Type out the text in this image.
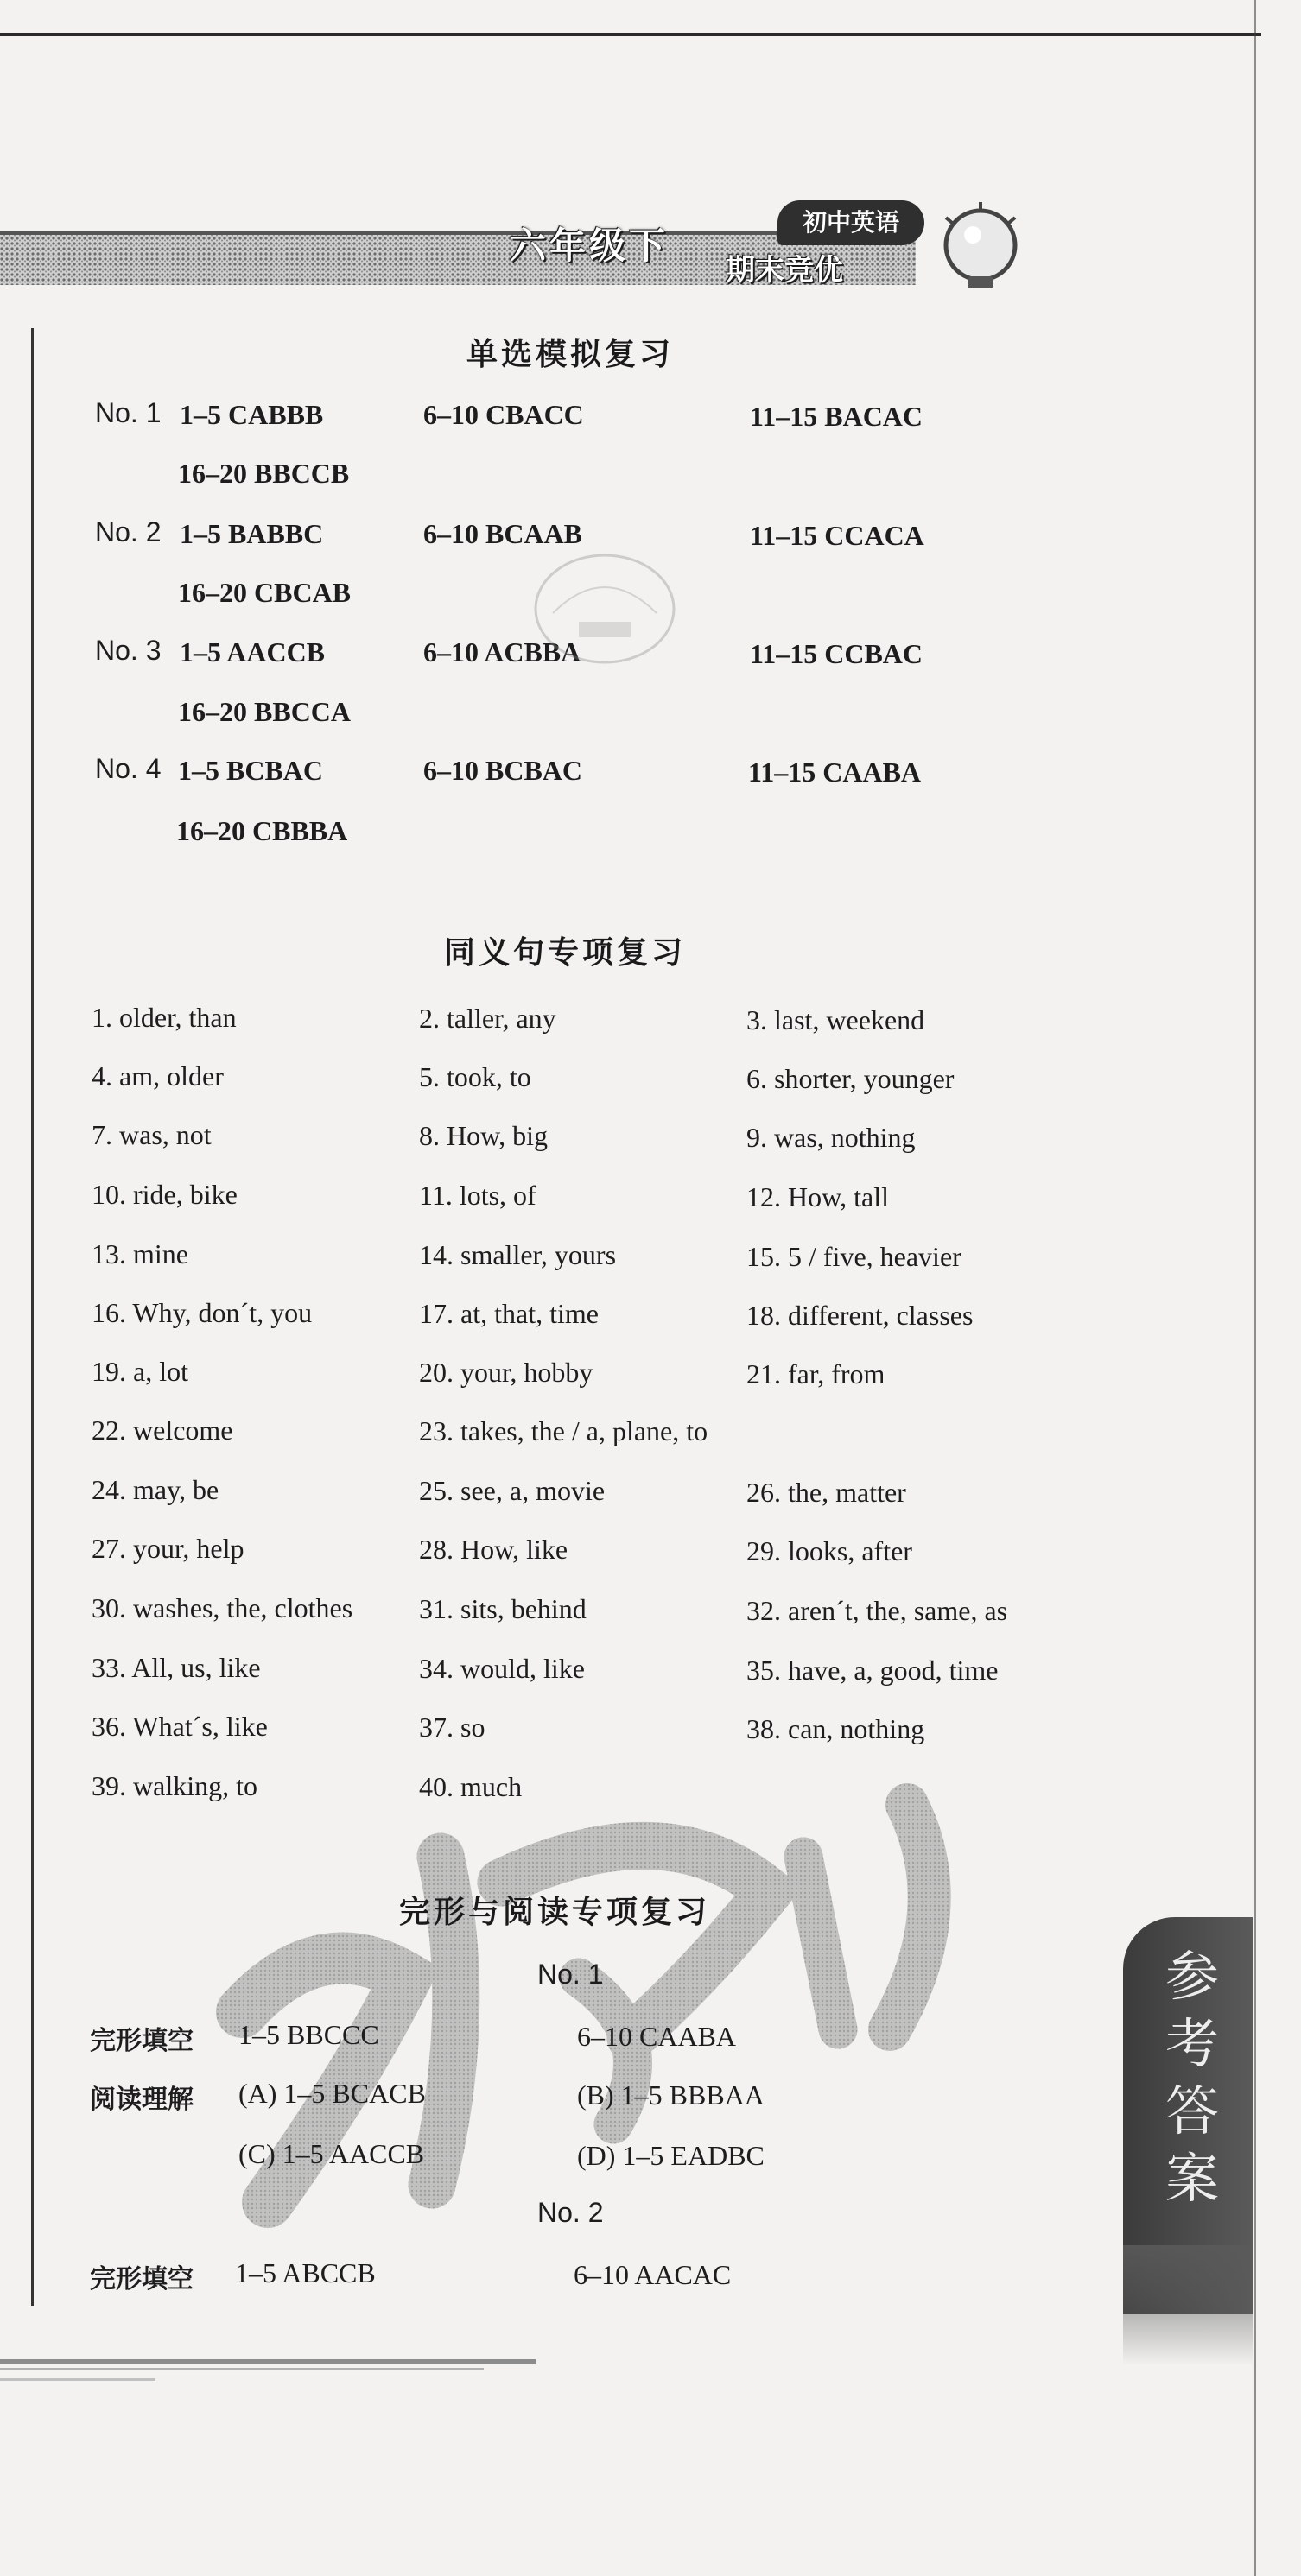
初中英语
六年级下
期末竞优
单选模拟复习
No. 1 1–5 CABBB	6–10 CBACC	11–15 BACAC
16–20 BBCCB
No. 2 1–5 BABBC	6–10 BCAAB	11–15 CCACA
16–20 CBCAB
No. 3 1–5 AACCB	6–10 ACBBA	11–15 CCBAC
16–20 BBCCA
No. 4 1–5 BCBAC	6–10 BCBAC	11–15 CAABA
16–20 CBBBA
同义句专项复习
1. older, than	2. taller, any	3. last, weekend
4. am, older	5. took, to	6. shorter, younger
7. was, not	8. How, big	9. was, nothing
10. ride, bike	11. lots, of	12. How, tall
13. mine	14. smaller, yours	15. 5 / five, heavier
16. Why, don´t, you	17. at, that, time	18. different, classes
19. a, lot	20. your, hobby	21. far, from
22. welcome	23. takes, the / a, plane, to
24. may, be	25. see, a, movie	26. the, matter
27. your, help	28. How, like	29. looks, after
30. washes, the, clothes 31. sits, behind	32. aren´t, the, same, as
33. All, us, like	34. would, like	35. have, a, good, time
36. What´s, like	37. so	38. can, nothing
39. walking, to	40. much
完形与阅读专项复习
No. 1
完形填空 1–5 BBCCC	6–10 CAABA
阅读理解 (A) 1–5 BCACB	(B) 1–5 BBBAA
(C) 1–5 AACCB	(D) 1–5 EADBC
No. 2
完形填空 1–5 ABCCB	6–10 AACAC
参考答案
